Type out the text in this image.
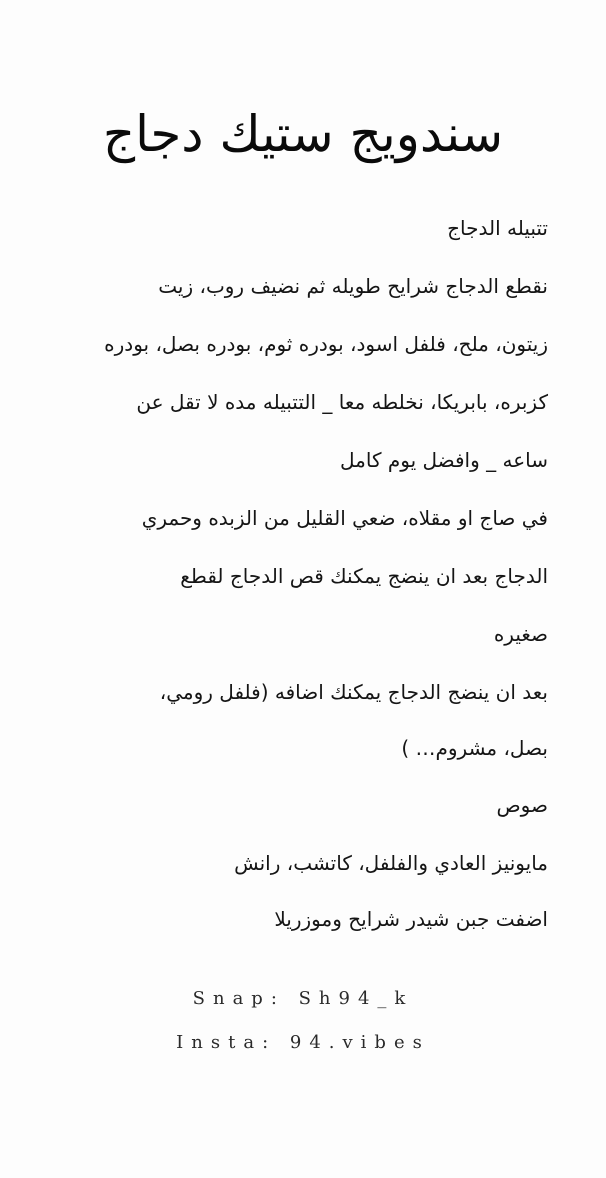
سندويج ستيك دجاج
تتبيله الدجاج
نقطع الدجاج شرايح طويله ثم نضيف روب، زيت
زيتون، ملح، فلفل اسود، بودره ثوم، بودره بصل، بودره
كزبره، بابريكا، نخلطه معا _ التتبيله مده لا تقل عن
ساعه _ وافضل يوم كامل
في صاج او مقلاه، ضعي القليل من الزبده وحمري
الدجاج بعد ان ينضج يمكنك قص الدجاج لقطع
صغيره
بعد ان ينضج الدجاج يمكنك اضافه (فلفل رومي،
بصل، مشروم… )
صوص
مايونيز العادي والفلفل، كاتشب، رانش
اضفت جبن شيدر شرايح وموزريلا
Snap: Sh94_k
Insta: 94.vibes
